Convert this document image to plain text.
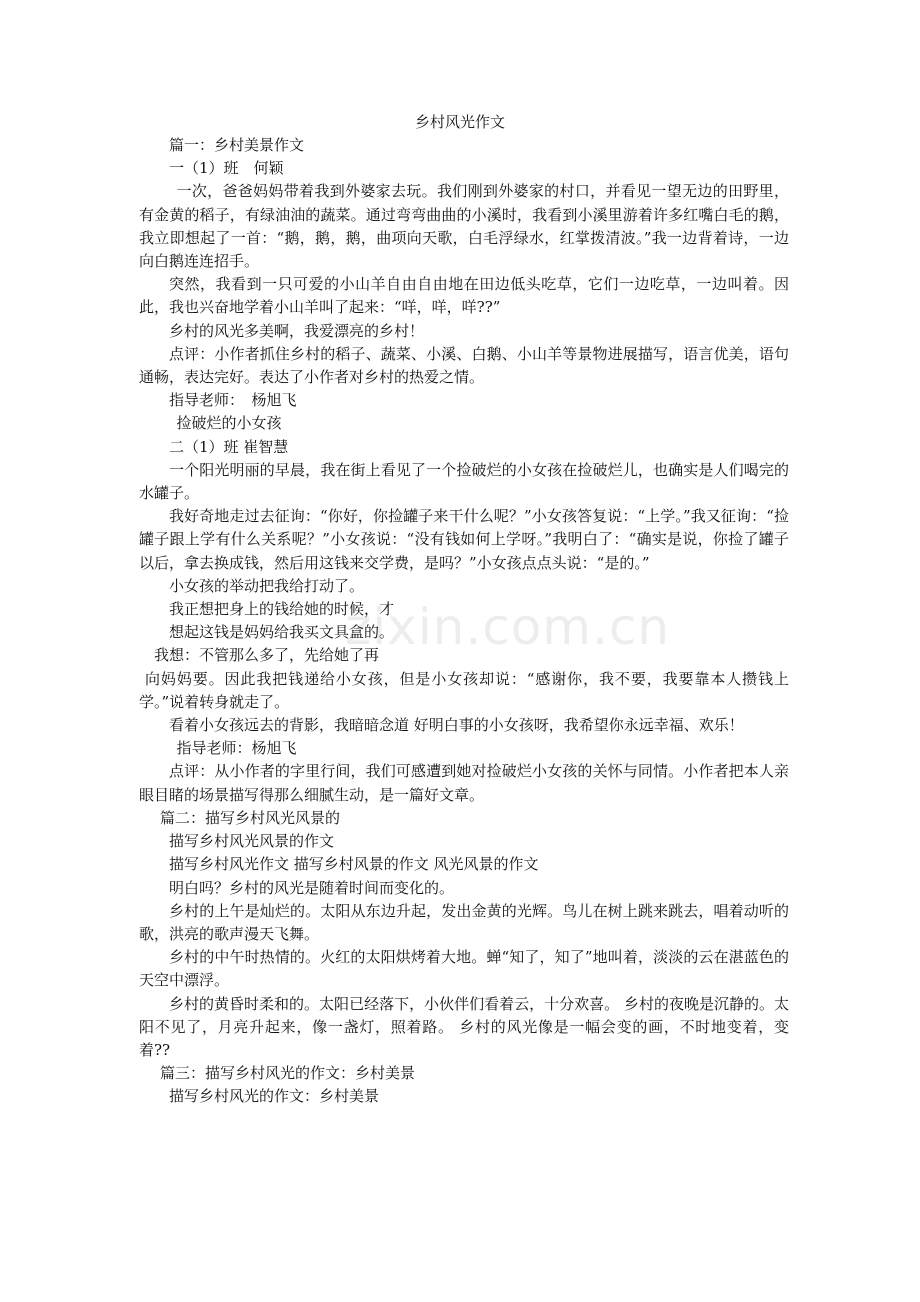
乡村风光作文

篇一：乡村美景作文

一（1）班　何颖

一次，爸爸妈妈带着我到外婆家去玩。我们刚到外婆家的村口，并看见一望无边的田野里，有金黄的稻子，有绿油油的蔬菜。通过弯弯曲曲的小溪时，我看到小溪里游着许多红嘴白毛的鹅，我立即想起了一首：“鹅，鹅，鹅，曲项向天歌，白毛浮绿水，红掌拨清波。”我一边背着诗，一边向白鹅连连招手。

突然，我看到一只可爱的小山羊自由自由地在田边低头吃草，它们一边吃草，一边叫着。因此，我也兴奋地学着小山羊叫了起来：“咩，咩，咩??”

乡村的风光多美啊，我爱漂亮的乡村！

点评：小作者抓住乡村的稻子、蔬菜、小溪、白鹅、小山羊等景物进展描写，语言优美，语句通畅，表达完好。表达了小作者对乡村的热爱之情。

指导老师：　杨旭飞

捡破烂的小女孩

二（1）班 崔智慧

一个阳光明丽的早晨，我在街上看见了一个捡破烂的小女孩在捡破烂儿，也确实是人们喝完的水罐子。

我好奇地走过去征询：“你好，你捡罐子来干什么呢？”小女孩答复说：“上学。”我又征询：“捡罐子跟上学有什么关系呢？”小女孩说：“没有钱如何上学呀。”我明白了：“确实是说，你捡了罐子以后，拿去换成钱，然后用这钱来交学费，是吗？”小女孩点点头说：“是的。”

小女孩的举动把我给打动了。

我正想把身上的钱给她的时候，才

想起这钱是妈妈给我买文具盒的。

我想：不管那么多了，先给她了再

向妈妈要。因此我把钱递给小女孩，但是小女孩却说：“感谢你，我不要，我要靠本人攒钱上学。”说着转身就走了。

看着小女孩远去的背影，我暗暗念道 好明白事的小女孩呀，我希望你永远幸福、欢乐！

指导老师：杨旭飞

点评：从小作者的字里行间，我们可感遭到她对捡破烂小女孩的关怀与同情。小作者把本人亲眼目睹的场景描写得那么细腻生动，是一篇好文章。

篇二：描写乡村风光风景的

描写乡村风光风景的作文

描写乡村风光作文 描写乡村风景的作文 风光风景的作文

明白吗？乡村的风光是随着时间而变化的。

乡村的上午是灿烂的。太阳从东边升起，发出金黄的光辉。鸟儿在树上跳来跳去，唱着动听的歌，洪亮的歌声漫天飞舞。

乡村的中午时热情的。火红的太阳烘烤着大地。蝉“知了，知了”地叫着，淡淡的云在湛蓝色的天空中漂浮。

乡村的黄昏时柔和的。太阳已经落下，小伙伴们看着云，十分欢喜。 乡村的夜晚是沉静的。太阳不见了，月亮升起来，像一盏灯，照着路。 乡村的风光像是一幅会变的画，不时地变着，变着??

篇三：描写乡村风光的作文：乡村美景

描写乡村风光的作文：乡村美景

zixin.com.cn
